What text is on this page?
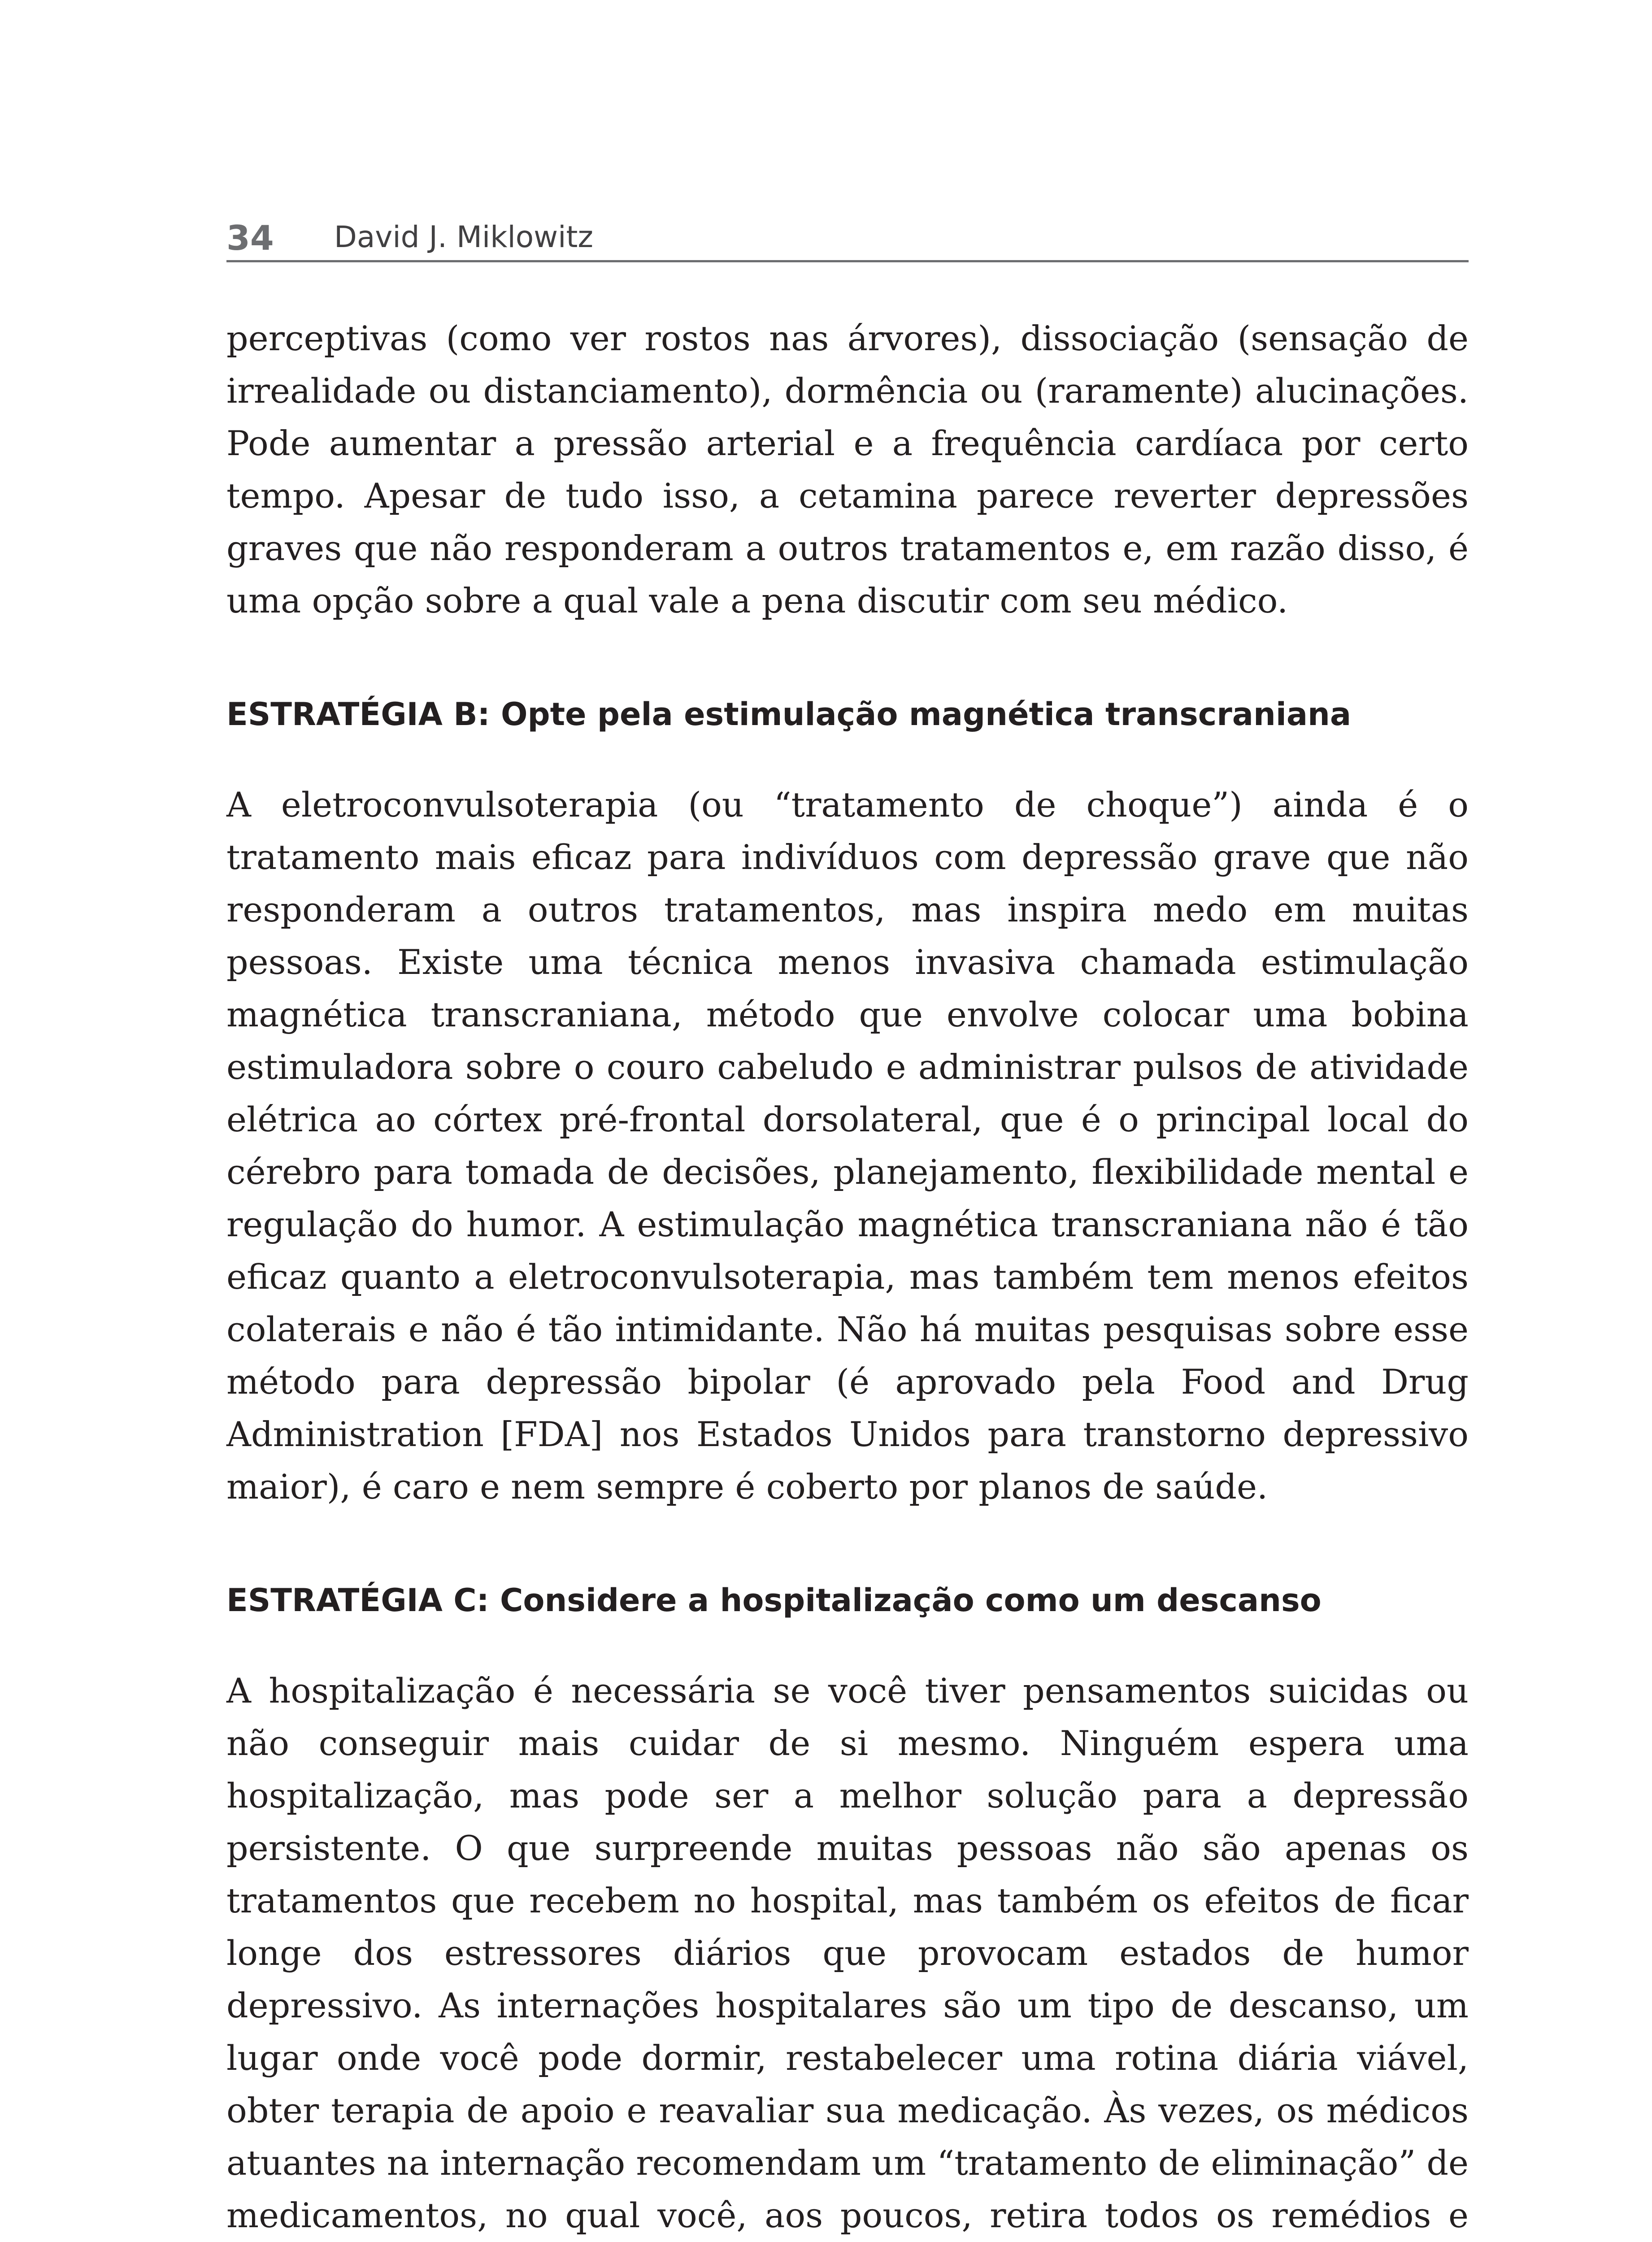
34 David J. Miklowitz

perceptivas (como ver rostos nas árvores), dissociação (sensação de irrealidade ou distanciamento), dormência ou (raramente) alucinações. Pode aumentar a pressão arterial e a frequência cardíaca por certo tempo. Apesar de tudo isso, a cetamina parece reverter depressões graves que não responderam a outros tratamentos e, em razão disso, é uma opção sobre a qual vale a pena discutir com seu médico.

ESTRATÉGIA B: Opte pela estimulação magnética transcraniana

A eletroconvulsoterapia (ou “tratamento de choque”) ainda é o tratamento mais eficaz para indivíduos com depressão grave que não responderam a outros tratamentos, mas inspira medo em muitas pessoas. Existe uma técnica menos invasiva chamada estimulação magnética transcraniana, método que envolve colocar uma bobina estimuladora sobre o couro cabeludo e administrar pulsos de atividade elétrica ao córtex pré-frontal dorsolateral, que é o principal local do cérebro para tomada de decisões, planejamento, flexibilidade mental e regulação do humor. A estimulação magnética transcraniana não é tão eficaz quanto a eletroconvulsoterapia, mas também tem menos efeitos colaterais e não é tão intimidante. Não há muitas pesquisas sobre esse método para depressão bipolar (é aprovado pela Food and Drug Administration [FDA] nos Estados Unidos para transtorno depressivo maior), é caro e nem sempre é coberto por planos de saúde.

ESTRATÉGIA C: Considere a hospitalização como um descanso

A hospitalização é necessária se você tiver pensamentos suicidas ou não conseguir mais cuidar de si mesmo. Ninguém espera uma hospitalização, mas pode ser a melhor solução para a depressão persistente. O que surpreende muitas pessoas não são apenas os tratamentos que recebem no hospital, mas também os efeitos de ficar longe dos estressores diários que provocam estados de humor depressivo. As internações hospitalares são um tipo de descanso, um lugar onde você pode dormir, restabelecer uma rotina diária viável, obter terapia de apoio e reavaliar sua medicação. Às vezes, os médicos atuantes na internação recomendam um “tratamento de eliminação” de medicamentos, no qual você, aos poucos, retira todos os remédios e
